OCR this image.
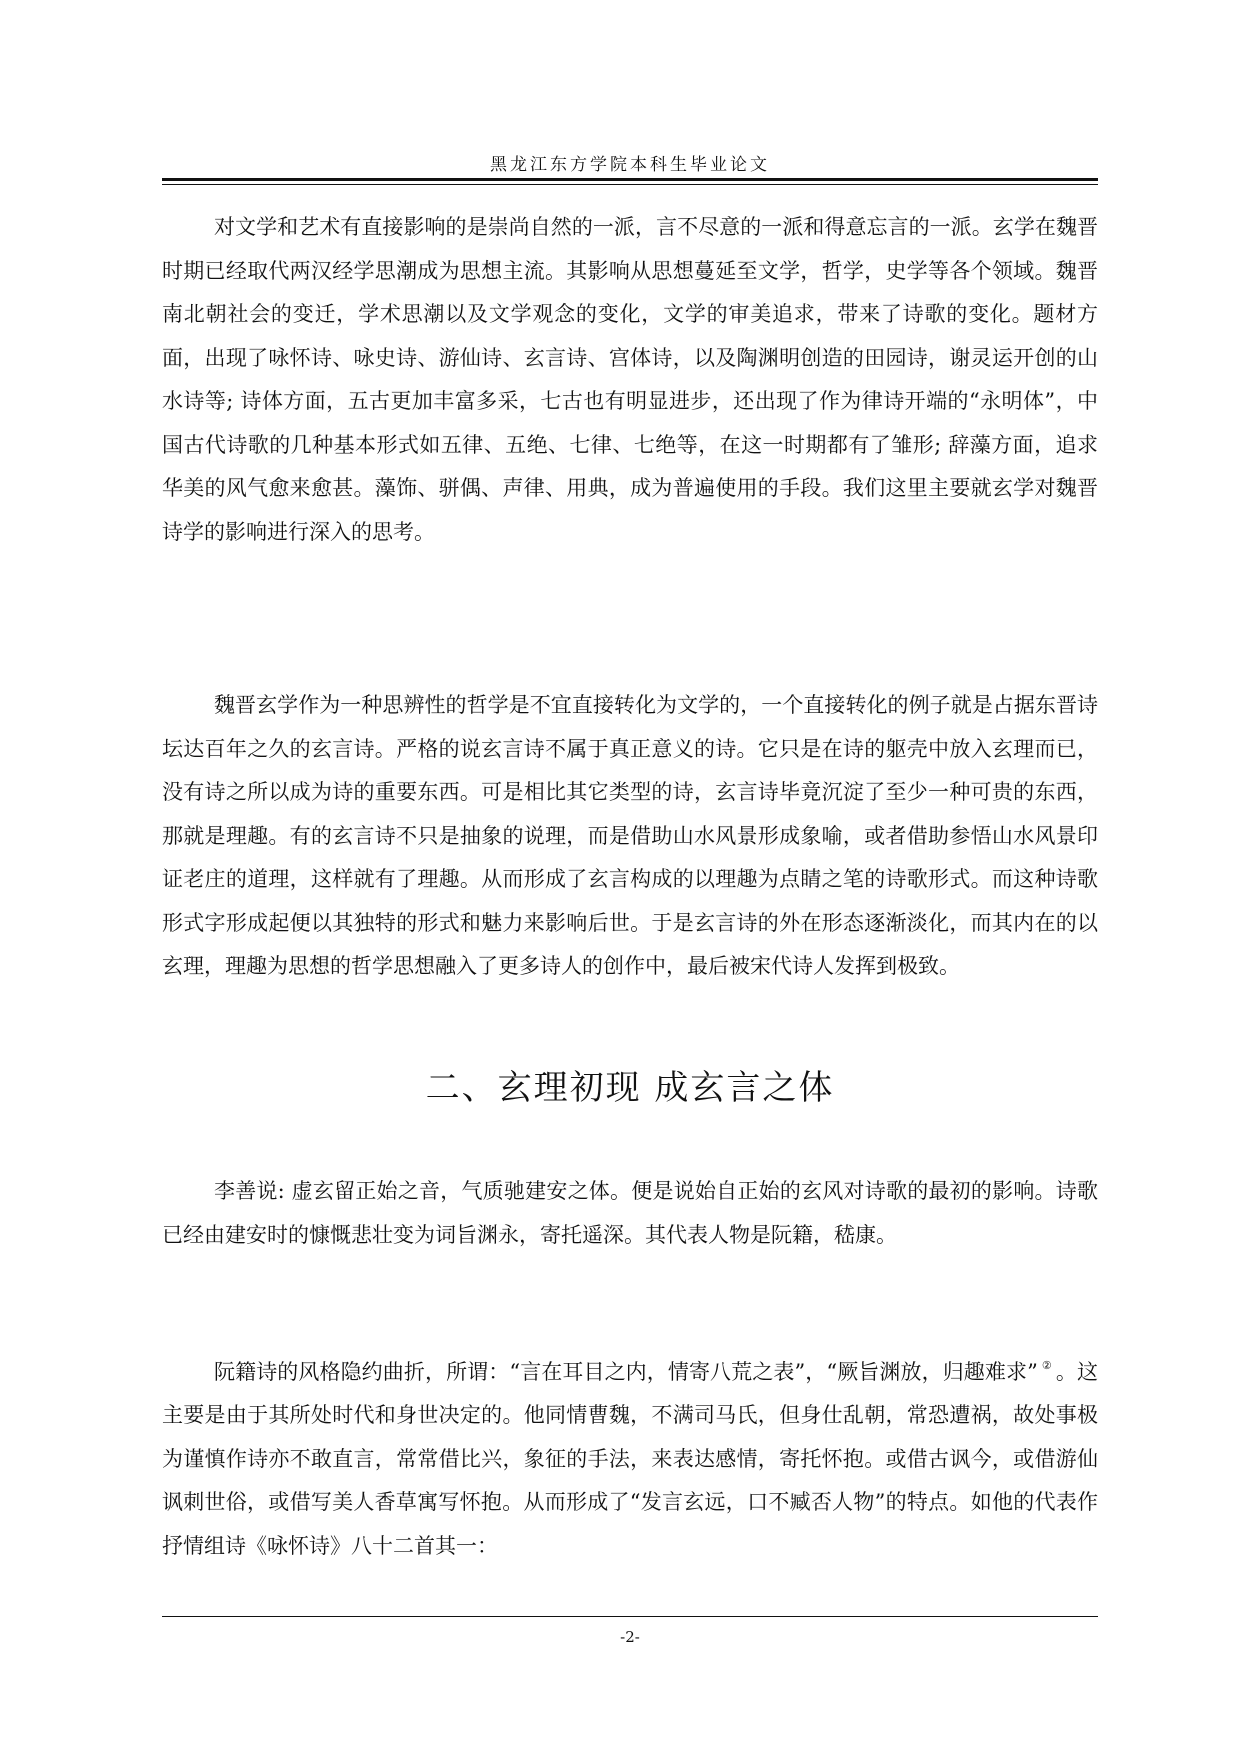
黑龙江东方学院本科生毕业论文

对文学和艺术有直接影响的是崇尚自然的一派，言不尽意的一派和得意忘言的一派。玄学在魏晋时期已经取代两汉经学思潮成为思想主流。其影响从思想蔓延至文学，哲学，史学等各个领域。魏晋南北朝社会的变迁，学术思潮以及文学观念的变化，文学的审美追求，带来了诗歌的变化。题材方面，出现了咏怀诗、咏史诗、游仙诗、玄言诗、宫体诗，以及陶渊明创造的田园诗，谢灵运开创的山水诗等; 诗体方面，五古更加丰富多采，七古也有明显进步，还出现了作为律诗开端的“永明体”，中国古代诗歌的几种基本形式如五律、五绝、七律、七绝等，在这一时期都有了雏形; 辞藻方面，追求华美的风气愈来愈甚。藻饰、骈偶、声律、用典，成为普遍使用的手段。我们这里主要就玄学对魏晋诗学的影响进行深入的思考。

魏晋玄学作为一种思辨性的哲学是不宜直接转化为文学的，一个直接转化的例子就是占据东晋诗坛达百年之久的玄言诗。严格的说玄言诗不属于真正意义的诗。它只是在诗的躯壳中放入玄理而已，没有诗之所以成为诗的重要东西。可是相比其它类型的诗，玄言诗毕竟沉淀了至少一种可贵的东西，那就是理趣。有的玄言诗不只是抽象的说理，而是借助山水风景形成象喻，或者借助参悟山水风景印证老庄的道理，这样就有了理趣。从而形成了玄言构成的以理趣为点睛之笔的诗歌形式。而这种诗歌形式字形成起便以其独特的形式和魅力来影响后世。于是玄言诗的外在形态逐渐淡化，而其内在的以玄理，理趣为思想的哲学思想融入了更多诗人的创作中，最后被宋代诗人发挥到极致。

二、玄理初现 成玄言之体

李善说: 虚玄留正始之音，气质驰建安之体。便是说始自正始的玄风对诗歌的最初的影响。诗歌已经由建安时的慷慨悲壮变为词旨渊永，寄托遥深。其代表人物是阮籍，嵇康。

阮籍诗的风格隐约曲折，所谓：“言在耳目之内，情寄八荒之表”，“厥旨渊放，归趣难求” ② 。这主要是由于其所处时代和身世决定的。他同情曹魏，不满司马氏，但身仕乱朝，常恐遭祸，故处事极为谨慎作诗亦不敢直言，常常借比兴，象征的手法，来表达感情，寄托怀抱。或借古讽今，或借游仙讽刺世俗，或借写美人香草寓写怀抱。从而形成了“发言玄远，口不臧否人物”的特点。如他的代表作抒情组诗《咏怀诗》八十二首其一：

-2-
